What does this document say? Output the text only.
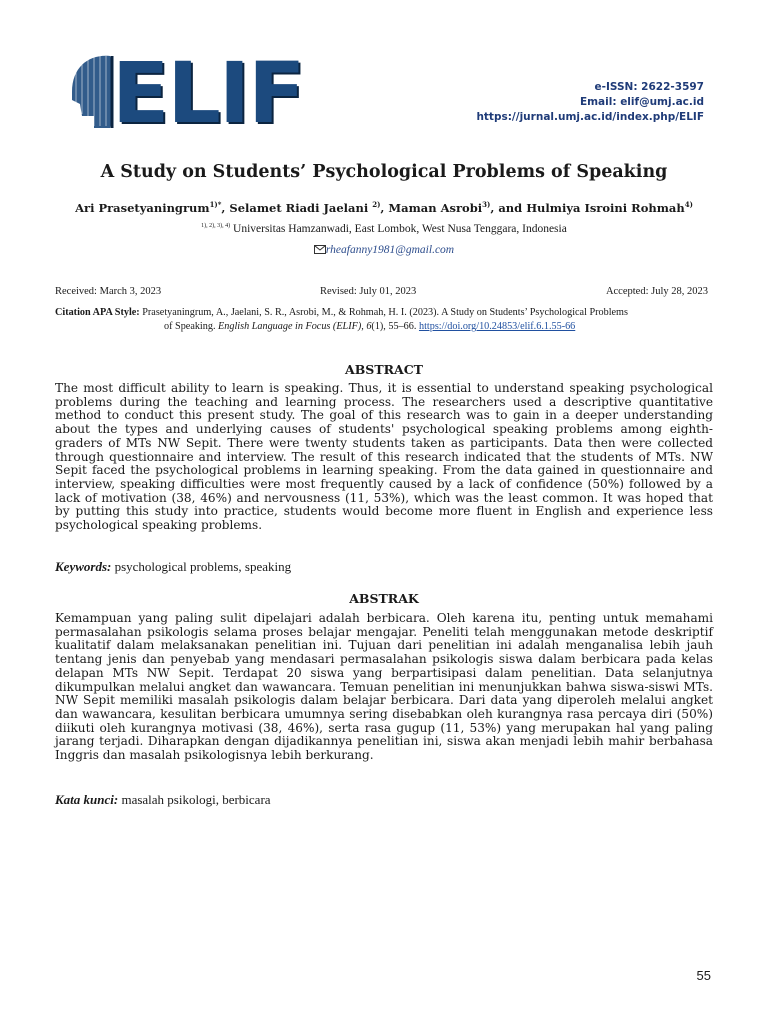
ELIF	e-ISSN: 2622-3597
Email: elif@umj.ac.id
https://jurnal.umj.ac.id/index.php/ELIF
A Study on Students’ Psychological Problems of Speaking
Ari Prasetyaningrum$^{1)*}$, Selamet Riadi Jaelani $^{2)}$, Maman Asrobi$^{3)}$, and Hulmiya Isroini Rohmah$^{4)}$
$^{1), 2), 3), 4)}$ Universitas Hamzanwadi, East Lombok, West Nusa Tenggara, Indonesia
rheafanny1981@gmail.com
Received: March 3, 2023	Revised: July 01, 2023	Accepted: July 28, 2023
Citation APA Style: Prasetyaningrum, A., Jaelani, S. R., Asrobi, M., & Rohmah, H. I. (2023). A Study on Students’ Psychological Problems
of Speaking. English Language in Focus (ELIF), 6(1), 55–66. https://doi.org/10.24853/elif.6.1.55-66
ABSTRACT

The most difficult ability to learn is speaking. Thus, it is essential to understand speaking psychological problems during the teaching and learning process. The researchers used a descriptive quantitative method to conduct this present study. The goal of this research was to gain in a deeper understanding about the types and underlying causes of students' psychological speaking problems among eighth-graders of MTs NW Sepit. There were twenty students taken as participants. Data then were collected through questionnaire and interview. The result of this research indicated that the students of MTs. NW Sepit faced the psychological problems in learning speaking. From the data gained in questionnaire and interview, speaking difficulties were most frequently caused by a lack of confidence (50%) followed by a lack of motivation (38, 46%) and nervousness (11, 53%), which was the least common. It was hoped that by putting this study into practice, students would become more fluent in English and experience less psychological speaking problems.

Keywords: psychological problems, speaking
ABSTRAK

Kemampuan yang paling sulit dipelajari adalah berbicara. Oleh karena itu, penting untuk memahami permasalahan psikologis selama proses belajar mengajar. Peneliti telah menggunakan metode deskriptif kualitatif dalam melaksanakan penelitian ini. Tujuan dari penelitian ini adalah menganalisa lebih jauh tentang jenis dan penyebab yang mendasari permasalahan psikologis siswa dalam berbicara pada kelas delapan MTs NW Sepit. Terdapat 20 siswa yang berpartisipasi dalam penelitian. Data selanjutnya dikumpulkan melalui angket dan wawancara. Temuan penelitian ini menunjukkan bahwa siswa-siswi MTs. NW Sepit memiliki masalah psikologis dalam belajar berbicara. Dari data yang diperoleh melalui angket dan wawancara, kesulitan berbicara umumnya sering disebabkan oleh kurangnya rasa percaya diri (50%) diikuti oleh kurangnya motivasi (38, 46%), serta rasa gugup (11, 53%) yang merupakan hal yang paling jarang terjadi. Diharapkan dengan dijadikannya penelitian ini, siswa akan menjadi lebih mahir berbahasa Inggris dan masalah psikologisnya lebih berkurang.

Kata kunci: masalah psikologi, berbicara
55
